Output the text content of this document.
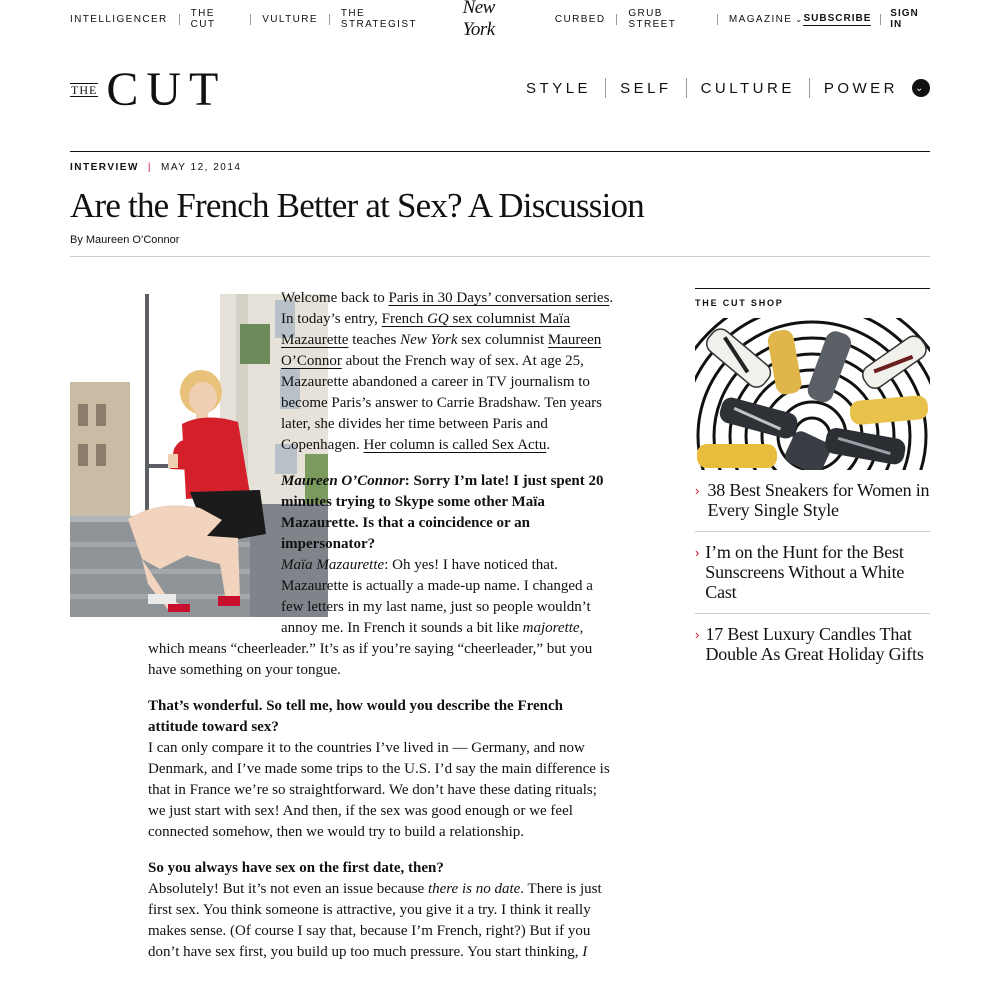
INTELLIGENCER THE CUT	VULTURE THE STRATEGIST
New York	CURBED GRUB STREET	MAGAZINE ⌄ SUBSCRIBE SIGN IN
THE CUT	STYLE SELF CULTURE POWER	⌄
INTERVIEW | MAY 12, 2014
Are the French Better at Sex? A Discussion
By Maureen O’Connor

Welcome back to Paris in 30 Days’ conversation series. In today’s entry, French GQ sex columnist Maïa Mazaurette teaches New York sex columnist Maureen O’Connor about the French way of sex. At age 25, Mazaurette abandoned a career in TV journalism to become Paris’s answer to Carrie Bradshaw. Ten years later, she divides her time between Paris and Copenhagen. Her column is called Sex Actu.

Maureen O’Connor: Sorry I’m late! I just spent 20 minutes trying to Skype some other Maïa Mazaurette. Is that a coincidence or an impersonator?
Maïa Mazaurette: Oh yes! I have noticed that. Mazaurette is actually a made-up name. I changed a few letters in my last name, just so people wouldn’t annoy me. In French it sounds a bit like majorette, which means “cheerleader.” It’s as if you’re saying “cheerleader,” but you have something on your tongue.

That’s wonderful. So tell me, how would you describe the French attitude toward sex?
I can only compare it to the countries I’ve lived in — Germany, and now Denmark, and I’ve made some trips to the U.S. I’d say the main difference is that in France we’re so straightforward. We don’t have these dating rituals; we just start with sex! And then, if the sex was good enough or we feel connected somehow, then we would try to build a relationship.

So you always have sex on the first date, then?
Absolutely! But it’s not even an issue because there is no date. There is just first sex. You think someone is attractive, you give it a try. I think it really makes sense. (Of course I say that, because I’m French, right?) But if you don’t have sex first, you build up too much pressure. You start thinking, I

THE CUT SHOP
› 38 Best Sneakers for Women in Every Single Style
› I’m on the Hunt for the Best Sunscreens Without a White Cast
› 17 Best Luxury Candles That Double As Great Holiday Gifts
